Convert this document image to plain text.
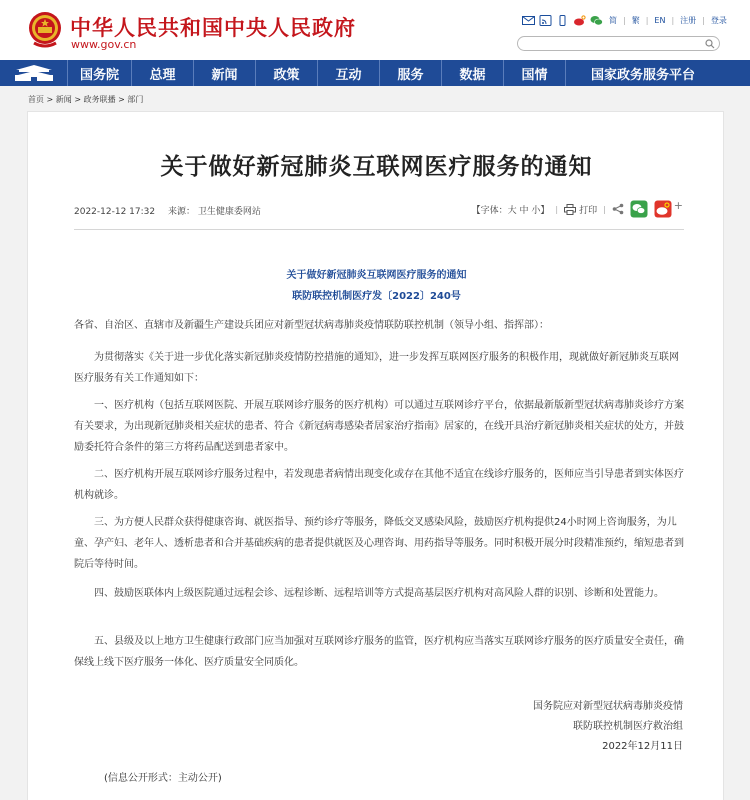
中华人民共和国中央人民政府
www.gov.cn
简 | 繁 | EN | 注册 | 登录
国务院	总理	新闻	政策	互动	服务	数据	国情	国家政务服务平台
首页 > 新闻 > 政务联播 > 部门
关于做好新冠肺炎互联网医疗服务的通知
2022-12-12 17:32 来源： 卫生健康委网站	【字体：大 中 小】 | 打印 |	+
关于做好新冠肺炎互联网医疗服务的通知
联防联控机制医疗发〔2022〕240号
各省、自治区、直辖市及新疆生产建设兵团应对新型冠状病毒肺炎疫情联防联控机制（领导小组、指挥部）：
为贯彻落实《关于进一步优化落实新冠肺炎疫情防控措施的通知》，进一步发挥互联网医疗服务的积极作用，现就做好新冠肺炎互联网医疗服务有关工作通知如下：
一、医疗机构（包括互联网医院、开展互联网诊疗服务的医疗机构）可以通过互联网诊疗平台，依据最新版新型冠状病毒肺炎诊疗方案有关要求，为出现新冠肺炎相关症状的患者、符合《新冠病毒感染者居家治疗指南》居家的，在线开具治疗新冠肺炎相关症状的处方，并鼓励委托符合条件的第三方将药品配送到患者家中。
二、医疗机构开展互联网诊疗服务过程中，若发现患者病情出现变化或存在其他不适宜在线诊疗服务的，医师应当引导患者到实体医疗机构就诊。
三、为方便人民群众获得健康咨询、就医指导、预约诊疗等服务，降低交叉感染风险，鼓励医疗机构提供24小时网上咨询服务，为儿童、孕产妇、老年人、透析患者和合并基础疾病的患者提供就医及心理咨询、用药指导等服务。同时积极开展分时段精准预约，缩短患者到院后等待时间。
四、鼓励医联体内上级医院通过远程会诊、远程诊断、远程培训等方式提高基层医疗机构对高风险人群的识别、诊断和处置能力。
五、县级及以上地方卫生健康行政部门应当加强对互联网诊疗服务的监管，医疗机构应当落实互联网诊疗服务的医疗质量安全责任，确保线上线下医疗服务一体化、医疗质量安全同质化。
国务院应对新型冠状病毒肺炎疫情
联防联控机制医疗救治组
2022年12月11日
(信息公开形式：主动公开)
